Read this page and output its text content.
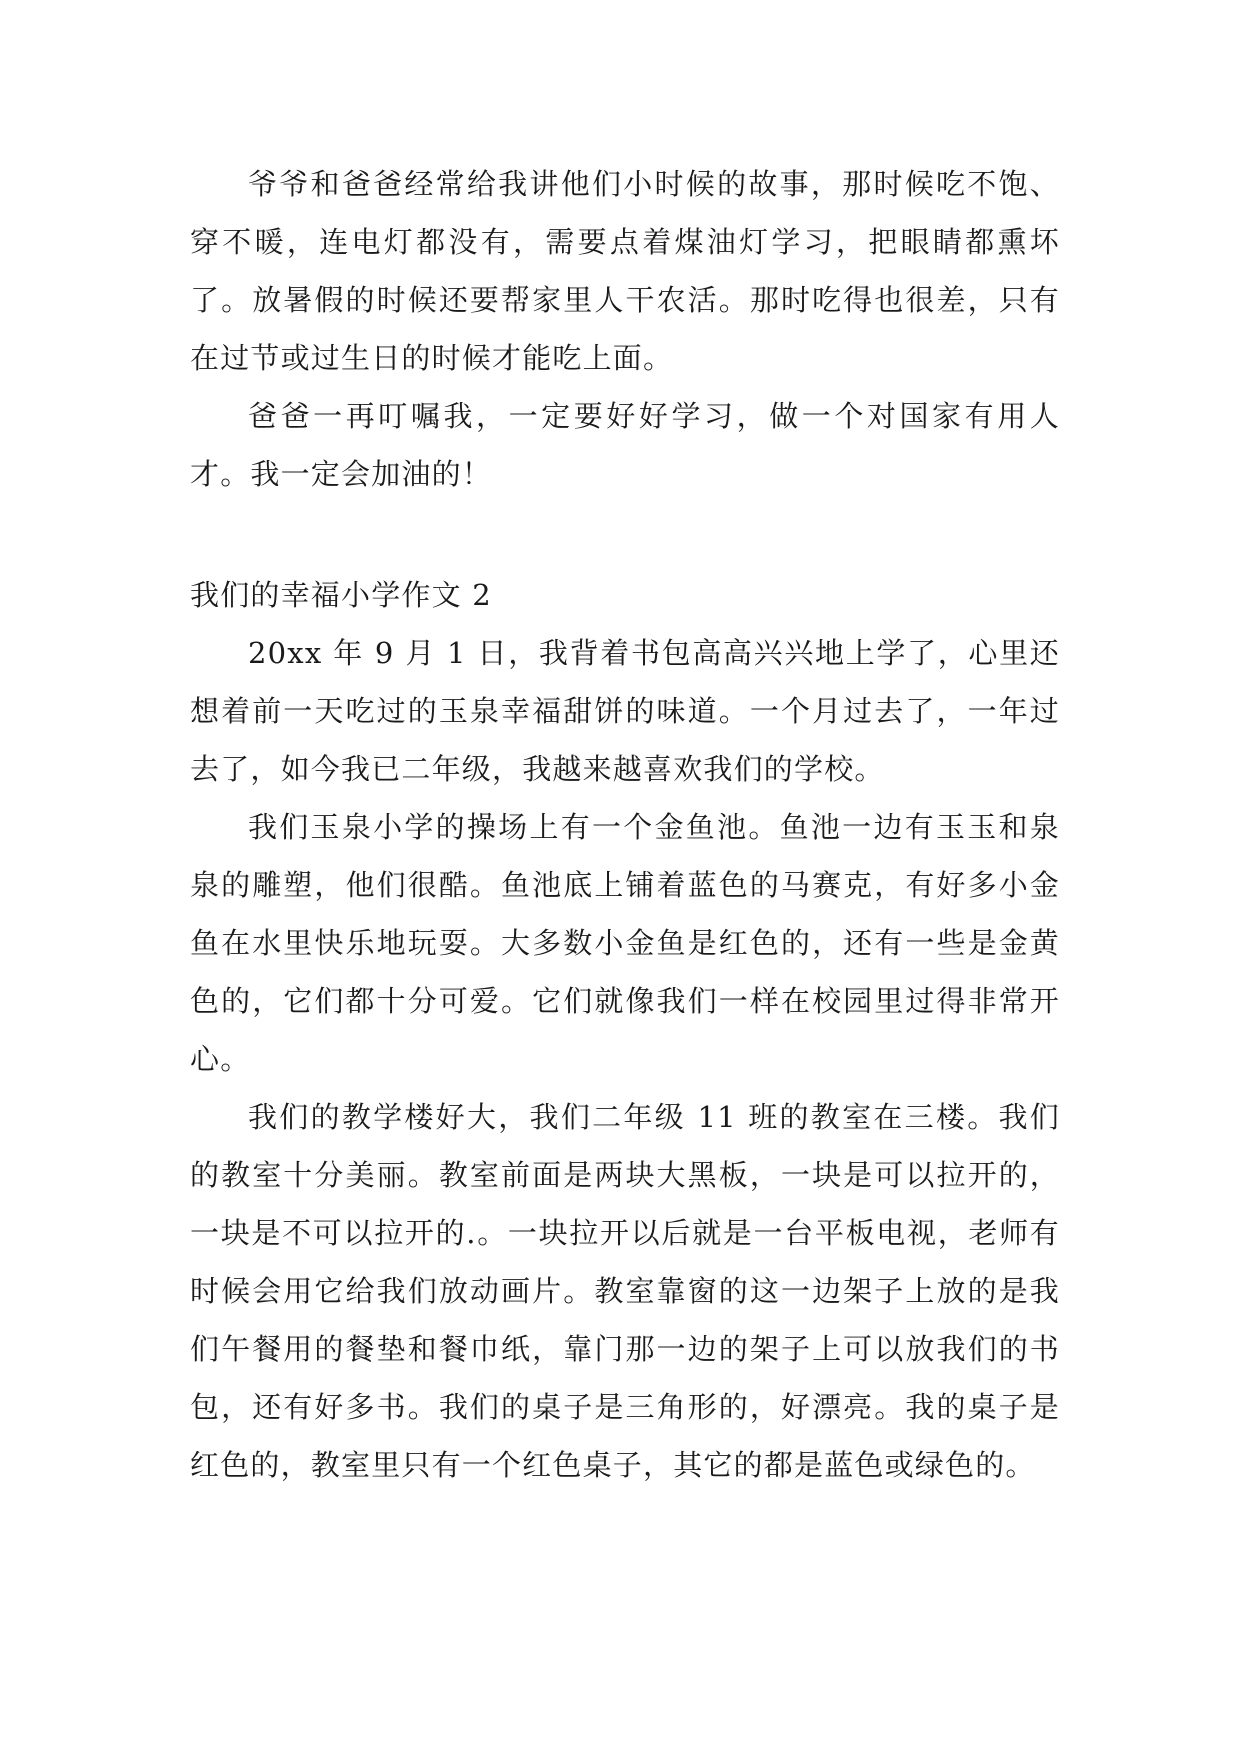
爷爷和爸爸经常给我讲他们小时候的故事，那时候吃不饱、穿不暖，连电灯都没有，需要点着煤油灯学习，把眼睛都熏坏了。放暑假的时候还要帮家里人干农活。那时吃得也很差，只有在过节或过生日的时候才能吃上面。

爸爸一再叮嘱我，一定要好好学习，做一个对国家有用人才。我一定会加油的！

我们的幸福小学作文 2

20xx 年 9 月 1 日，我背着书包高高兴兴地上学了，心里还想着前一天吃过的玉泉幸福甜饼的味道。一个月过去了，一年过去了，如今我已二年级，我越来越喜欢我们的学校。

我们玉泉小学的操场上有一个金鱼池。鱼池一边有玉玉和泉泉的雕塑，他们很酷。鱼池底上铺着蓝色的马赛克，有好多小金鱼在水里快乐地玩耍。大多数小金鱼是红色的，还有一些是金黄色的，它们都十分可爱。它们就像我们一样在校园里过得非常开心。

我们的教学楼好大，我们二年级 11 班的教室在三楼。我们的教室十分美丽。教室前面是两块大黑板，一块是可以拉开的，一块是不可以拉开的.。一块拉开以后就是一台平板电视，老师有时候会用它给我们放动画片。教室靠窗的这一边架子上放的是我们午餐用的餐垫和餐巾纸，靠门那一边的架子上可以放我们的书包，还有好多书。我们的桌子是三角形的，好漂亮。我的桌子是红色的，教室里只有一个红色桌子，其它的都是蓝色或绿色的。
